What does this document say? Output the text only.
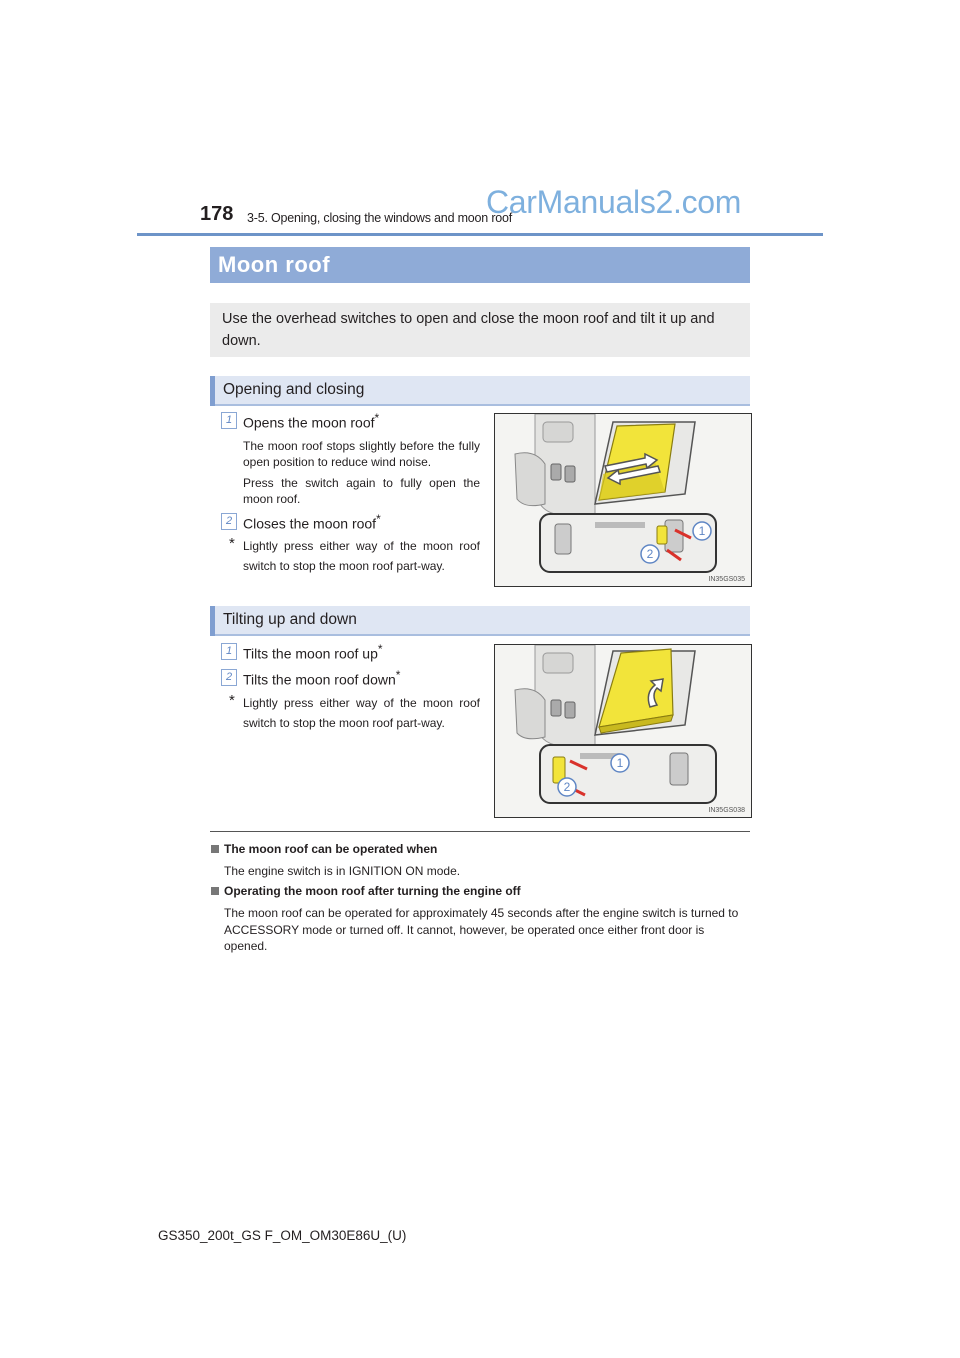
178 3-5. Opening, closing the windows and moon roof
CarManuals2.com
Moon roof
Use the overhead switches to open and close the moon roof and tilt it up and down.
Opening and closing
1 Opens the moon roof*
The moon roof stops slightly before the fully open position to reduce wind noise.
Press the switch again to fully open the moon roof.
2 Closes the moon roof*
* Lightly press either way of the moon roof switch to stop the moon roof part-way.
1
2
IN35GS035
Tilting up and down
1 Tilts the moon roof up*
2 Tilts the moon roof down*
* Lightly press either way of the moon roof switch to stop the moon roof part-way.
1
2
IN35GS038
The moon roof can be operated when
The engine switch is in IGNITION ON mode.
Operating the moon roof after turning the engine off
The moon roof can be operated for approximately 45 seconds after the engine switch is turned to ACCESSORY mode or turned off. It cannot, however, be operated once either front door is opened.
GS350_200t_GS F_OM_OM30E86U_(U)
